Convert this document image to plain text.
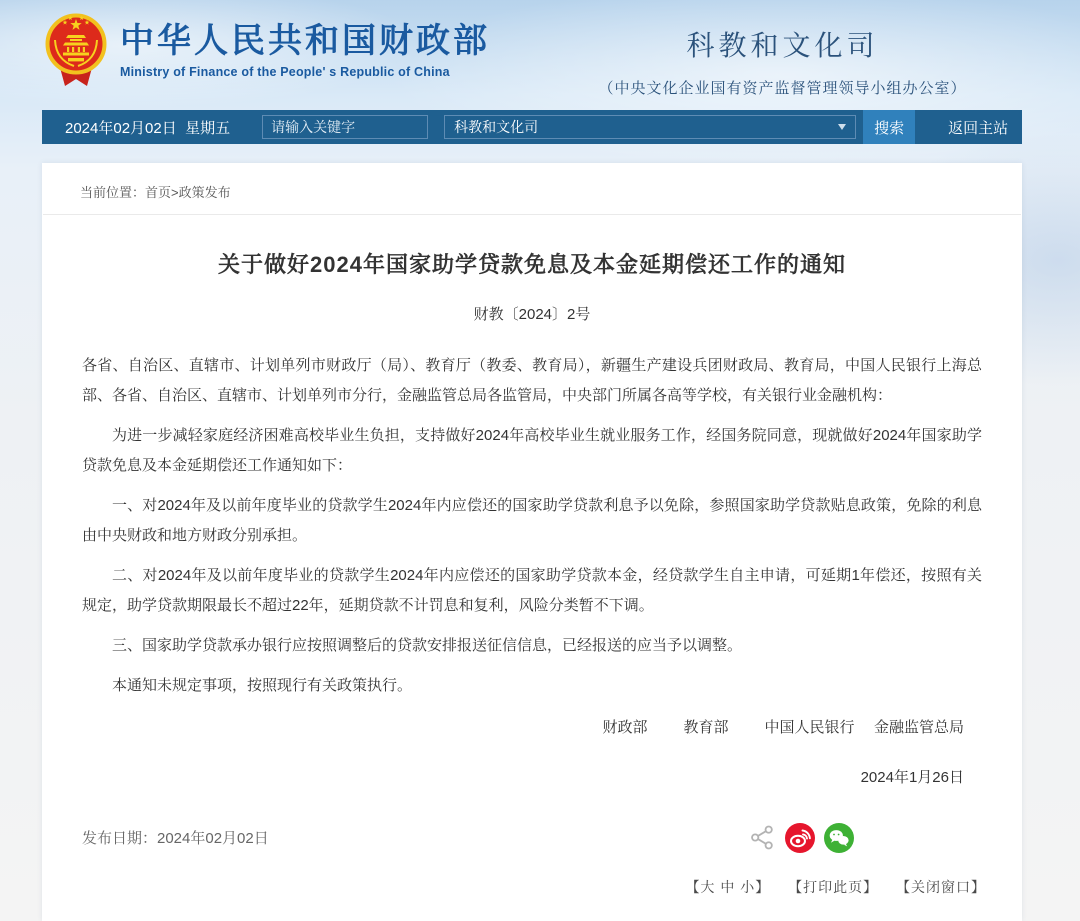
中华人民共和国财政部
Ministry of Finance of the People' s Republic of China
科教和文化司
（中央文化企业国有资产监督管理领导小组办公室）
2024年02月02日  星期五
请输入关键字	科教和文化司	搜索	返回主站
当前位置：首页>政策发布
关于做好2024年国家助学贷款免息及本金延期偿还工作的通知
财教〔2024〕2号

各省、自治区、直辖市、计划单列市财政厅（局）、教育厅（教委、教育局），新疆生产建设兵团财政局、教育局，中国人民银行上海总部、各省、自治区、直辖市、计划单列市分行，金融监管总局各监管局，中央部门所属各高等学校，有关银行业金融机构：

为进一步减轻家庭经济困难高校毕业生负担，支持做好2024年高校毕业生就业服务工作，经国务院同意，现就做好2024年国家助学贷款免息及本金延期偿还工作通知如下：

一、对2024年及以前年度毕业的贷款学生2024年内应偿还的国家助学贷款利息予以免除，参照国家助学贷款贴息政策，免除的利息由中央财政和地方财政分别承担。

二、对2024年及以前年度毕业的贷款学生2024年内应偿还的国家助学贷款本金，经贷款学生自主申请，可延期1年偿还，按照有关规定，助学贷款期限最长不超过22年，延期贷款不计罚息和复利，风险分类暂不下调。

三、国家助学贷款承办银行应按照调整后的贷款安排报送征信信息，已经报送的应当予以调整。

本通知未规定事项，按照现行有关政策执行。

财政部 教育部 中国人民银行 金融监管总局
2024年1月26日
发布日期：2024年02月02日
【大 中 小】 【打印此页】 【关闭窗口】
